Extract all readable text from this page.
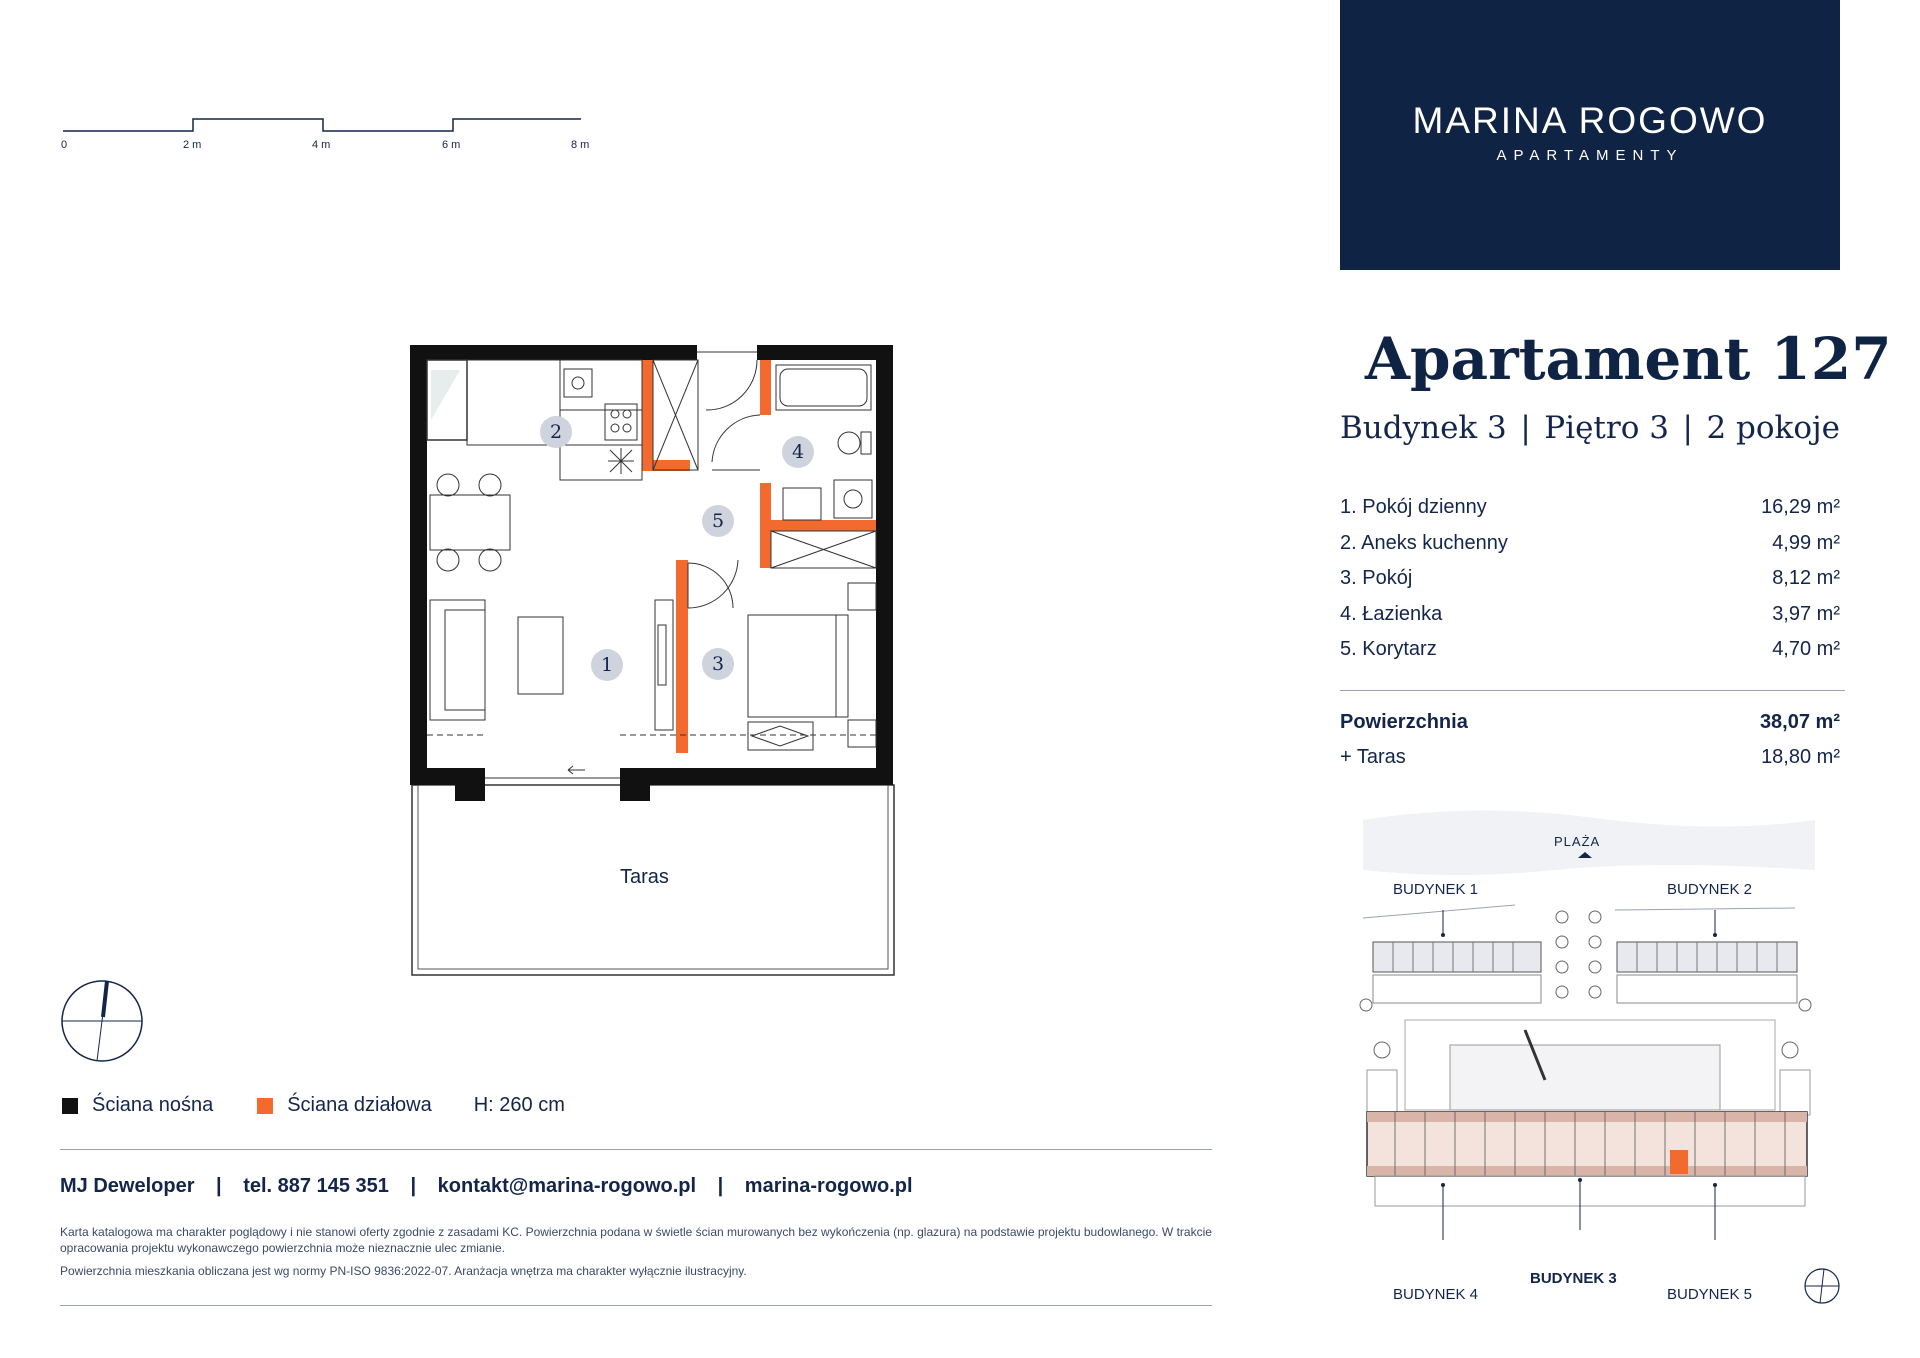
0	2 m	4 m	6 m	8 m
MARINA ROGOWO
APARTAMENTY
Apartament 127
Budynek 3 | Piętro 3 | 2 pokoje
1. Pokój dzienny	16,29 m²
2. Aneks kuchenny	4,99 m²
3. Pokój	8,12 m²
4. Łazienka	3,97 m²
5. Korytarz	4,70 m²
Powierzchnia	38,07 m²
+ Taras	18,80 m²
1
2
3
4
5
Taras
Ściana nośna	Ściana działowa H: 260 cm
MJ Deweloper | tel. 887 145 351 | kontakt@marina-rogowo.pl | marina-rogowo.pl
Karta katalogowa ma charakter poglądowy i nie stanowi oferty zgodnie z zasadami KC. Powierzchnia podana w świetle ścian murowanych bez wykończenia (np. glazura) na podstawie projektu budowlanego. W trakcie opracowania projektu wykonawczego powierzchnia może nieznacznie ulec zmianie.
Powierzchnia mieszkania obliczana jest wg normy PN-ISO 9836:2022-07. Aranżacja wnętrza ma charakter wyłącznie ilustracyjny.
PLAŻA
BUDYNEK 1	BUDYNEK 2
BUDYNEK 3
BUDYNEK 4	BUDYNEK 5
